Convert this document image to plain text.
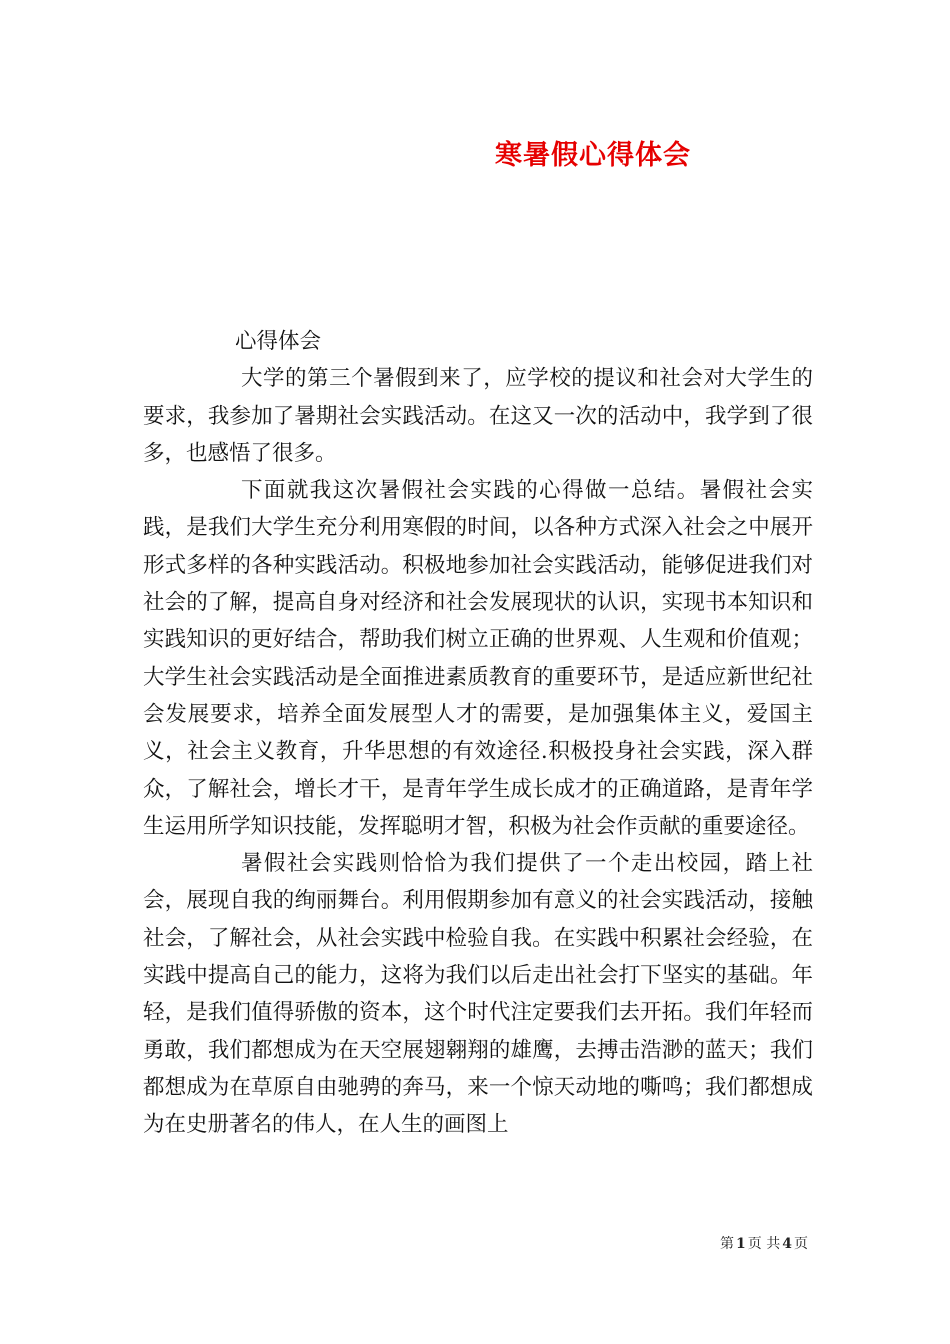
寒暑假心得体会

心得体会

大学的第三个暑假到来了，应学校的提议和社会对大学生的要求，我参加了暑期社会实践活动。在这又一次的活动中，我学到了很多，也感悟了很多。

下面就我这次暑假社会实践的心得做一总结。暑假社会实践，是我们大学生充分利用寒假的时间，以各种方式深入社会之中展开形式多样的各种实践活动。积极地参加社会实践活动，能够促进我们对社会的了解，提高自身对经济和社会发展现状的认识，实现书本知识和实践知识的更好结合，帮助我们树立正确的世界观、人生观和价值观；大学生社会实践活动是全面推进素质教育的重要环节，是适应新世纪社会发展要求，培养全面发展型人才的需要，是加强集体主义，爱国主义，社会主义教育，升华思想的有效途径.积极投身社会实践，深入群众，了解社会，增长才干，是青年学生成长成才的正确道路，是青年学生运用所学知识技能，发挥聪明才智，积极为社会作贡献的重要途径。

暑假社会实践则恰恰为我们提供了一个走出校园，踏上社会，展现自我的绚丽舞台。利用假期参加有意义的社会实践活动，接触社会，了解社会，从社会实践中检验自我。在实践中积累社会经验，在实践中提高自己的能力，这将为我们以后走出社会打下坚实的基础。年轻，是我们值得骄傲的资本，这个时代注定要我们去开拓。我们年轻而勇敢，我们都想成为在天空展翅翱翔的雄鹰，去搏击浩渺的蓝天；我们都想成为在草原自由驰骋的奔马，来一个惊天动地的嘶鸣；我们都想成为在史册著名的伟人，在人生的画图上

第 1 页 共 4 页
